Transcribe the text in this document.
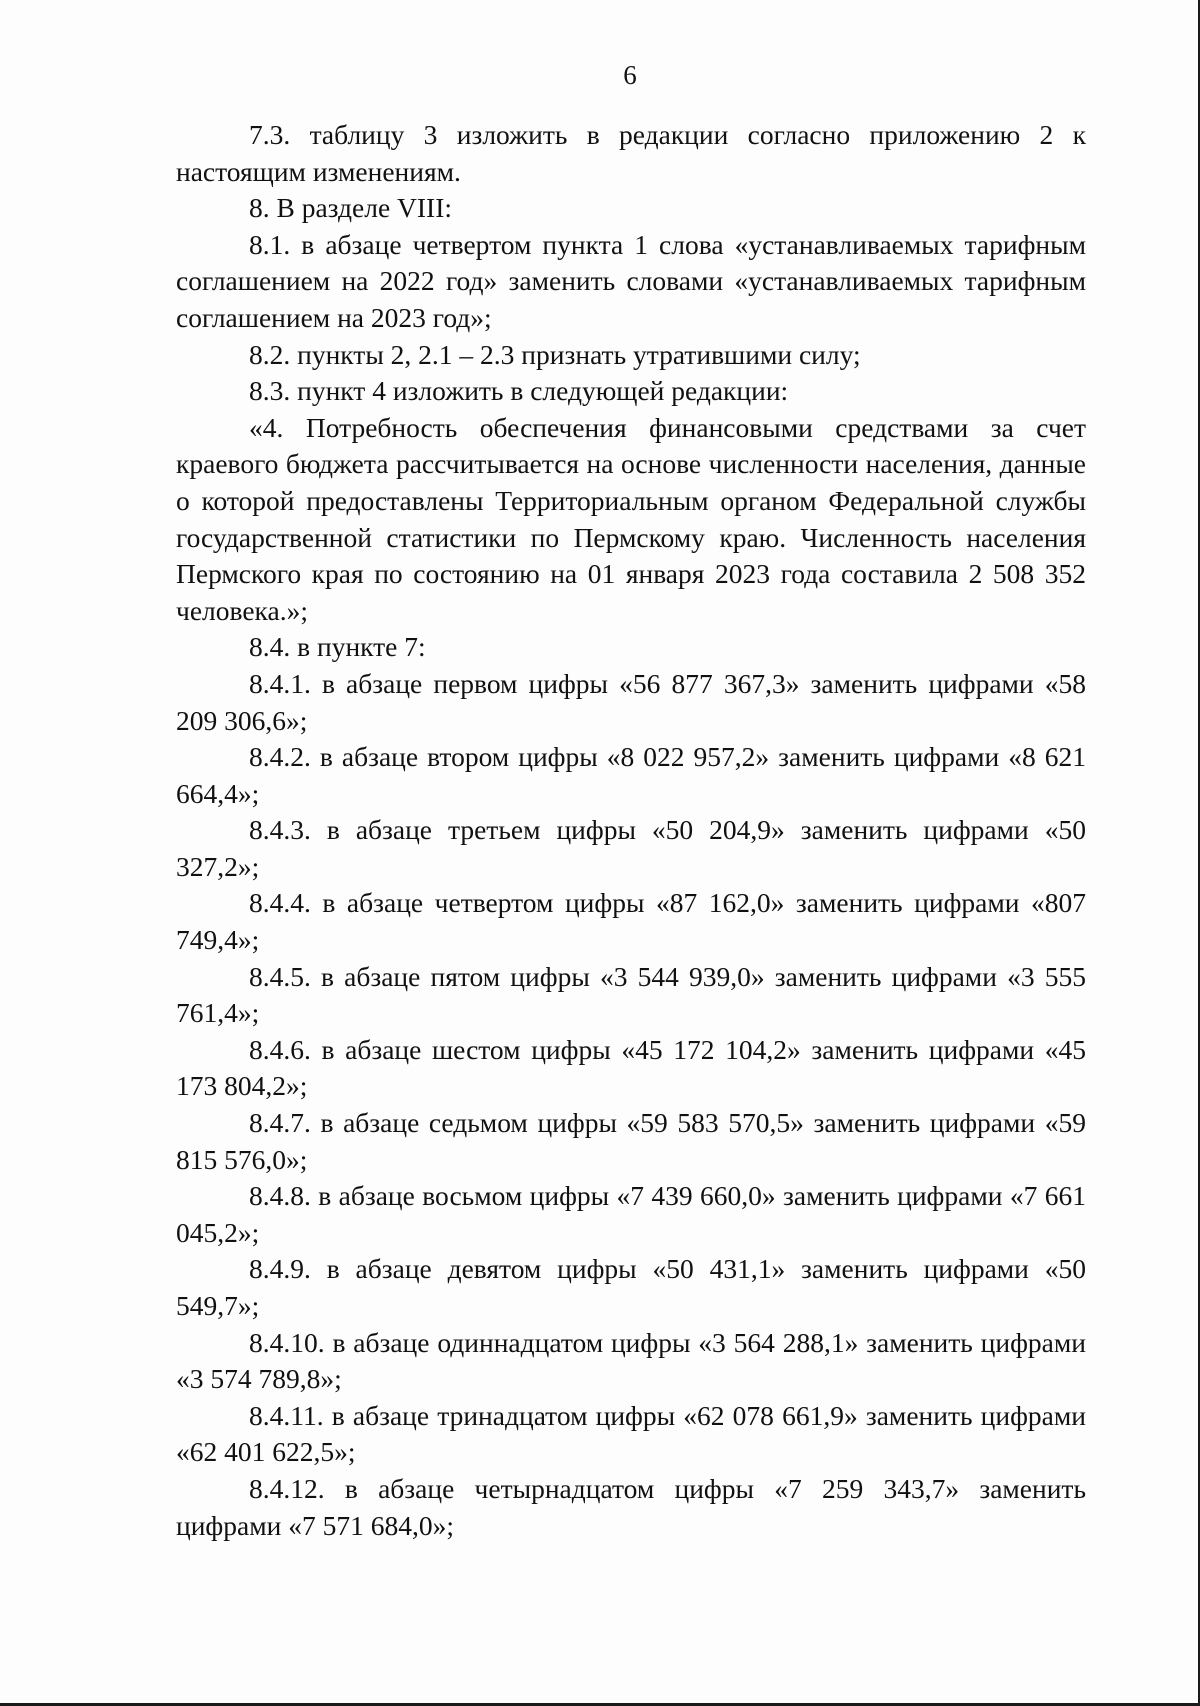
6

7.3. таблицу 3 изложить в редакции согласно приложению 2 к настоящим изменениям.

8. В разделе VIII:

8.1. в абзаце четвертом пункта 1 слова «устанавливаемых тарифным соглашением на 2022 год» заменить словами «устанавливаемых тарифным соглашением на 2023 год»;

8.2. пункты 2, 2.1 – 2.3 признать утратившими силу;

8.3. пункт 4 изложить в следующей редакции:

«4. Потребность обеспечения финансовыми средствами за счет краевого бюджета рассчитывается на основе численности населения, данные о которой предоставлены Территориальным органом Федеральной службы государственной статистики по Пермскому краю. Численность населения Пермского края по состоянию на 01 января 2023 года составила 2 508 352 человека.»;

8.4. в пункте 7:

8.4.1. в абзаце первом цифры «56 877 367,3» заменить цифрами «58 209 306,6»;

8.4.2. в абзаце втором цифры «8 022 957,2» заменить цифрами «8 621 664,4»;

8.4.3. в абзаце третьем цифры «50 204,9» заменить цифрами «50 327,2»;

8.4.4. в абзаце четвертом цифры «87 162,0» заменить цифрами «807 749,4»;

8.4.5. в абзаце пятом цифры «3 544 939,0» заменить цифрами «3 555 761,4»;

8.4.6. в абзаце шестом цифры «45 172 104,2» заменить цифрами «45 173 804,2»;

8.4.7. в абзаце седьмом цифры «59 583 570,5» заменить цифрами «59 815 576,0»;

8.4.8. в абзаце восьмом цифры «7 439 660,0» заменить цифрами «7 661 045,2»;

8.4.9. в абзаце девятом цифры «50 431,1» заменить цифрами «50 549,7»;

8.4.10. в абзаце одиннадцатом цифры «3 564 288,1» заменить цифрами «3 574 789,8»;

8.4.11. в абзаце тринадцатом цифры «62 078 661,9» заменить цифрами «62 401 622,5»;

8.4.12. в абзаце четырнадцатом цифры «7 259 343,7» заменить цифрами «7 571 684,0»;
